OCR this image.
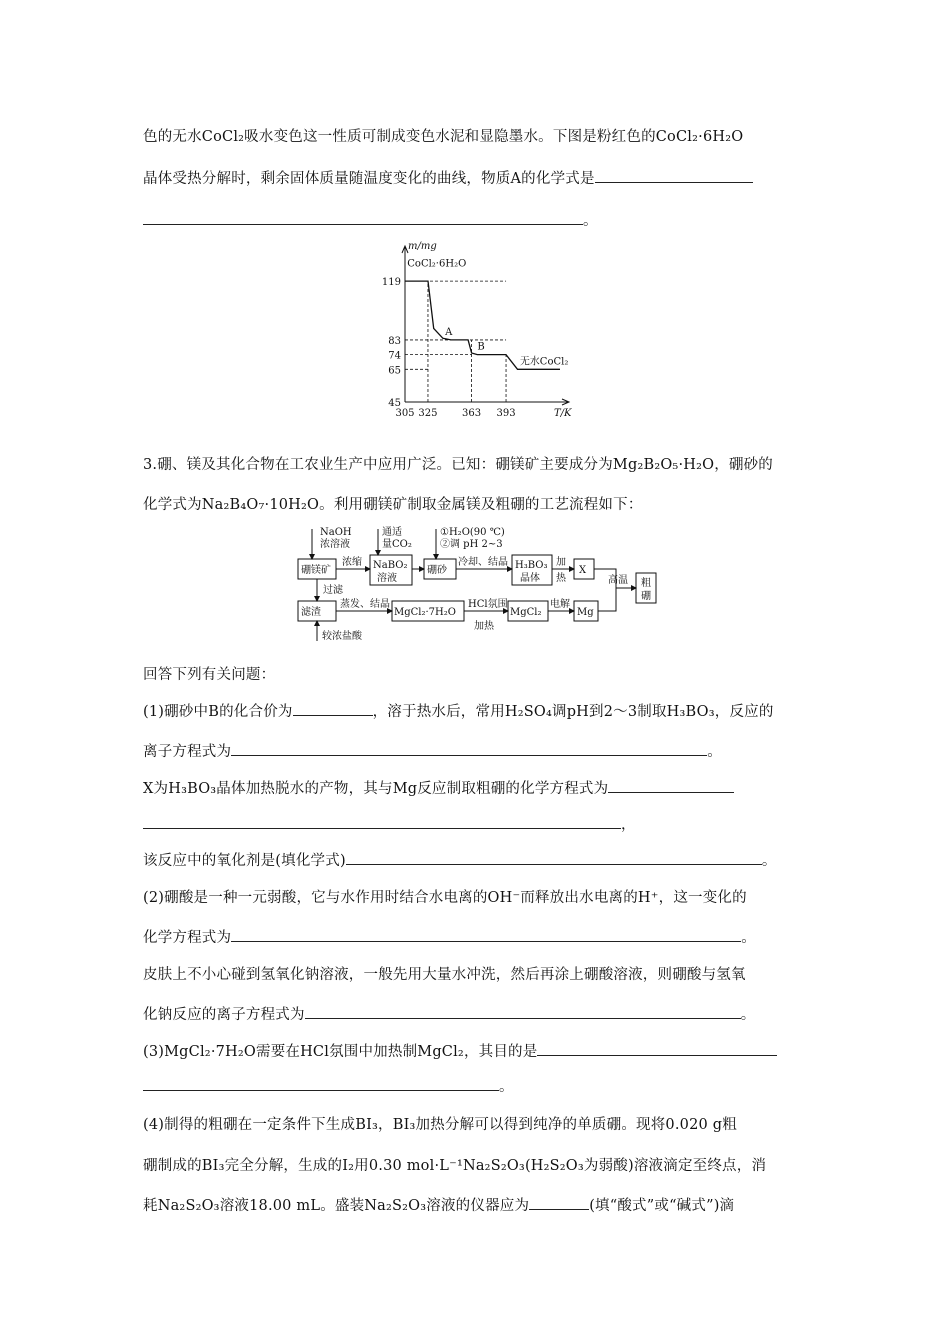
色的无水CoCl₂吸水变色这一性质可制成变色水泥和显隐墨水。下图是粉红色的CoCl₂·6H₂O
晶体受热分解时，剩余固体质量随温度变化的曲线，物质A的化学式是
。
m/mg
T/K
45
65
74
83
119
305 325 363 393
CoCl₂·6H₂O
A
B
无水CoCl₂
3.硼、镁及其化合物在工农业生产中应用广泛。已知：硼镁矿主要成分为Mg₂B₂O₅·H₂O，硼砂的
化学式为Na₂B₄O₇·10H₂O。利用硼镁矿制取金属镁及粗硼的工艺流程如下：
硼镁矿	NaBO₂
溶液
硼砂	H₃BO₃
晶体
X
粗
硼
NaOH
浓溶液
通适
量CO₂
①H₂O(90 ℃)
②调 pH 2~3
浓缩	冷却、结晶	加
热	高温
过滤
滤渣	MgCl₂·7H₂O	MgCl₂	Mg
蒸发、结晶	HCl氛围
加热
电解
较浓盐酸
回答下列有关问题：
(1)硼砂中B的化合价为	，溶于热水后，常用H₂SO₄调pH到2～3制取H₃BO₃，反应的
离子方程式为	。
X为H₃BO₃晶体加热脱水的产物，其与Mg反应制取粗硼的化学方程式为
，
该反应中的氧化剂是(填化学式)	。
(2)硼酸是一种一元弱酸，它与水作用时结合水电离的OH⁻而释放出水电离的H⁺，这一变化的
化学方程式为	。
皮肤上不小心碰到氢氧化钠溶液，一般先用大量水冲洗，然后再涂上硼酸溶液，则硼酸与氢氧
化钠反应的离子方程式为	。
(3)MgCl₂·7H₂O需要在HCl氛围中加热制MgCl₂，其目的是
。
(4)制得的粗硼在一定条件下生成BI₃，BI₃加热分解可以得到纯净的单质硼。现将0.020 g粗
硼制成的BI₃完全分解，生成的I₂用0.30 mol·L⁻¹Na₂S₂O₃(H₂S₂O₃为弱酸)溶液滴定至终点，消
耗Na₂S₂O₃溶液18.00 mL。盛装Na₂S₂O₃溶液的仪器应为	(填“酸式”或“碱式”)滴
